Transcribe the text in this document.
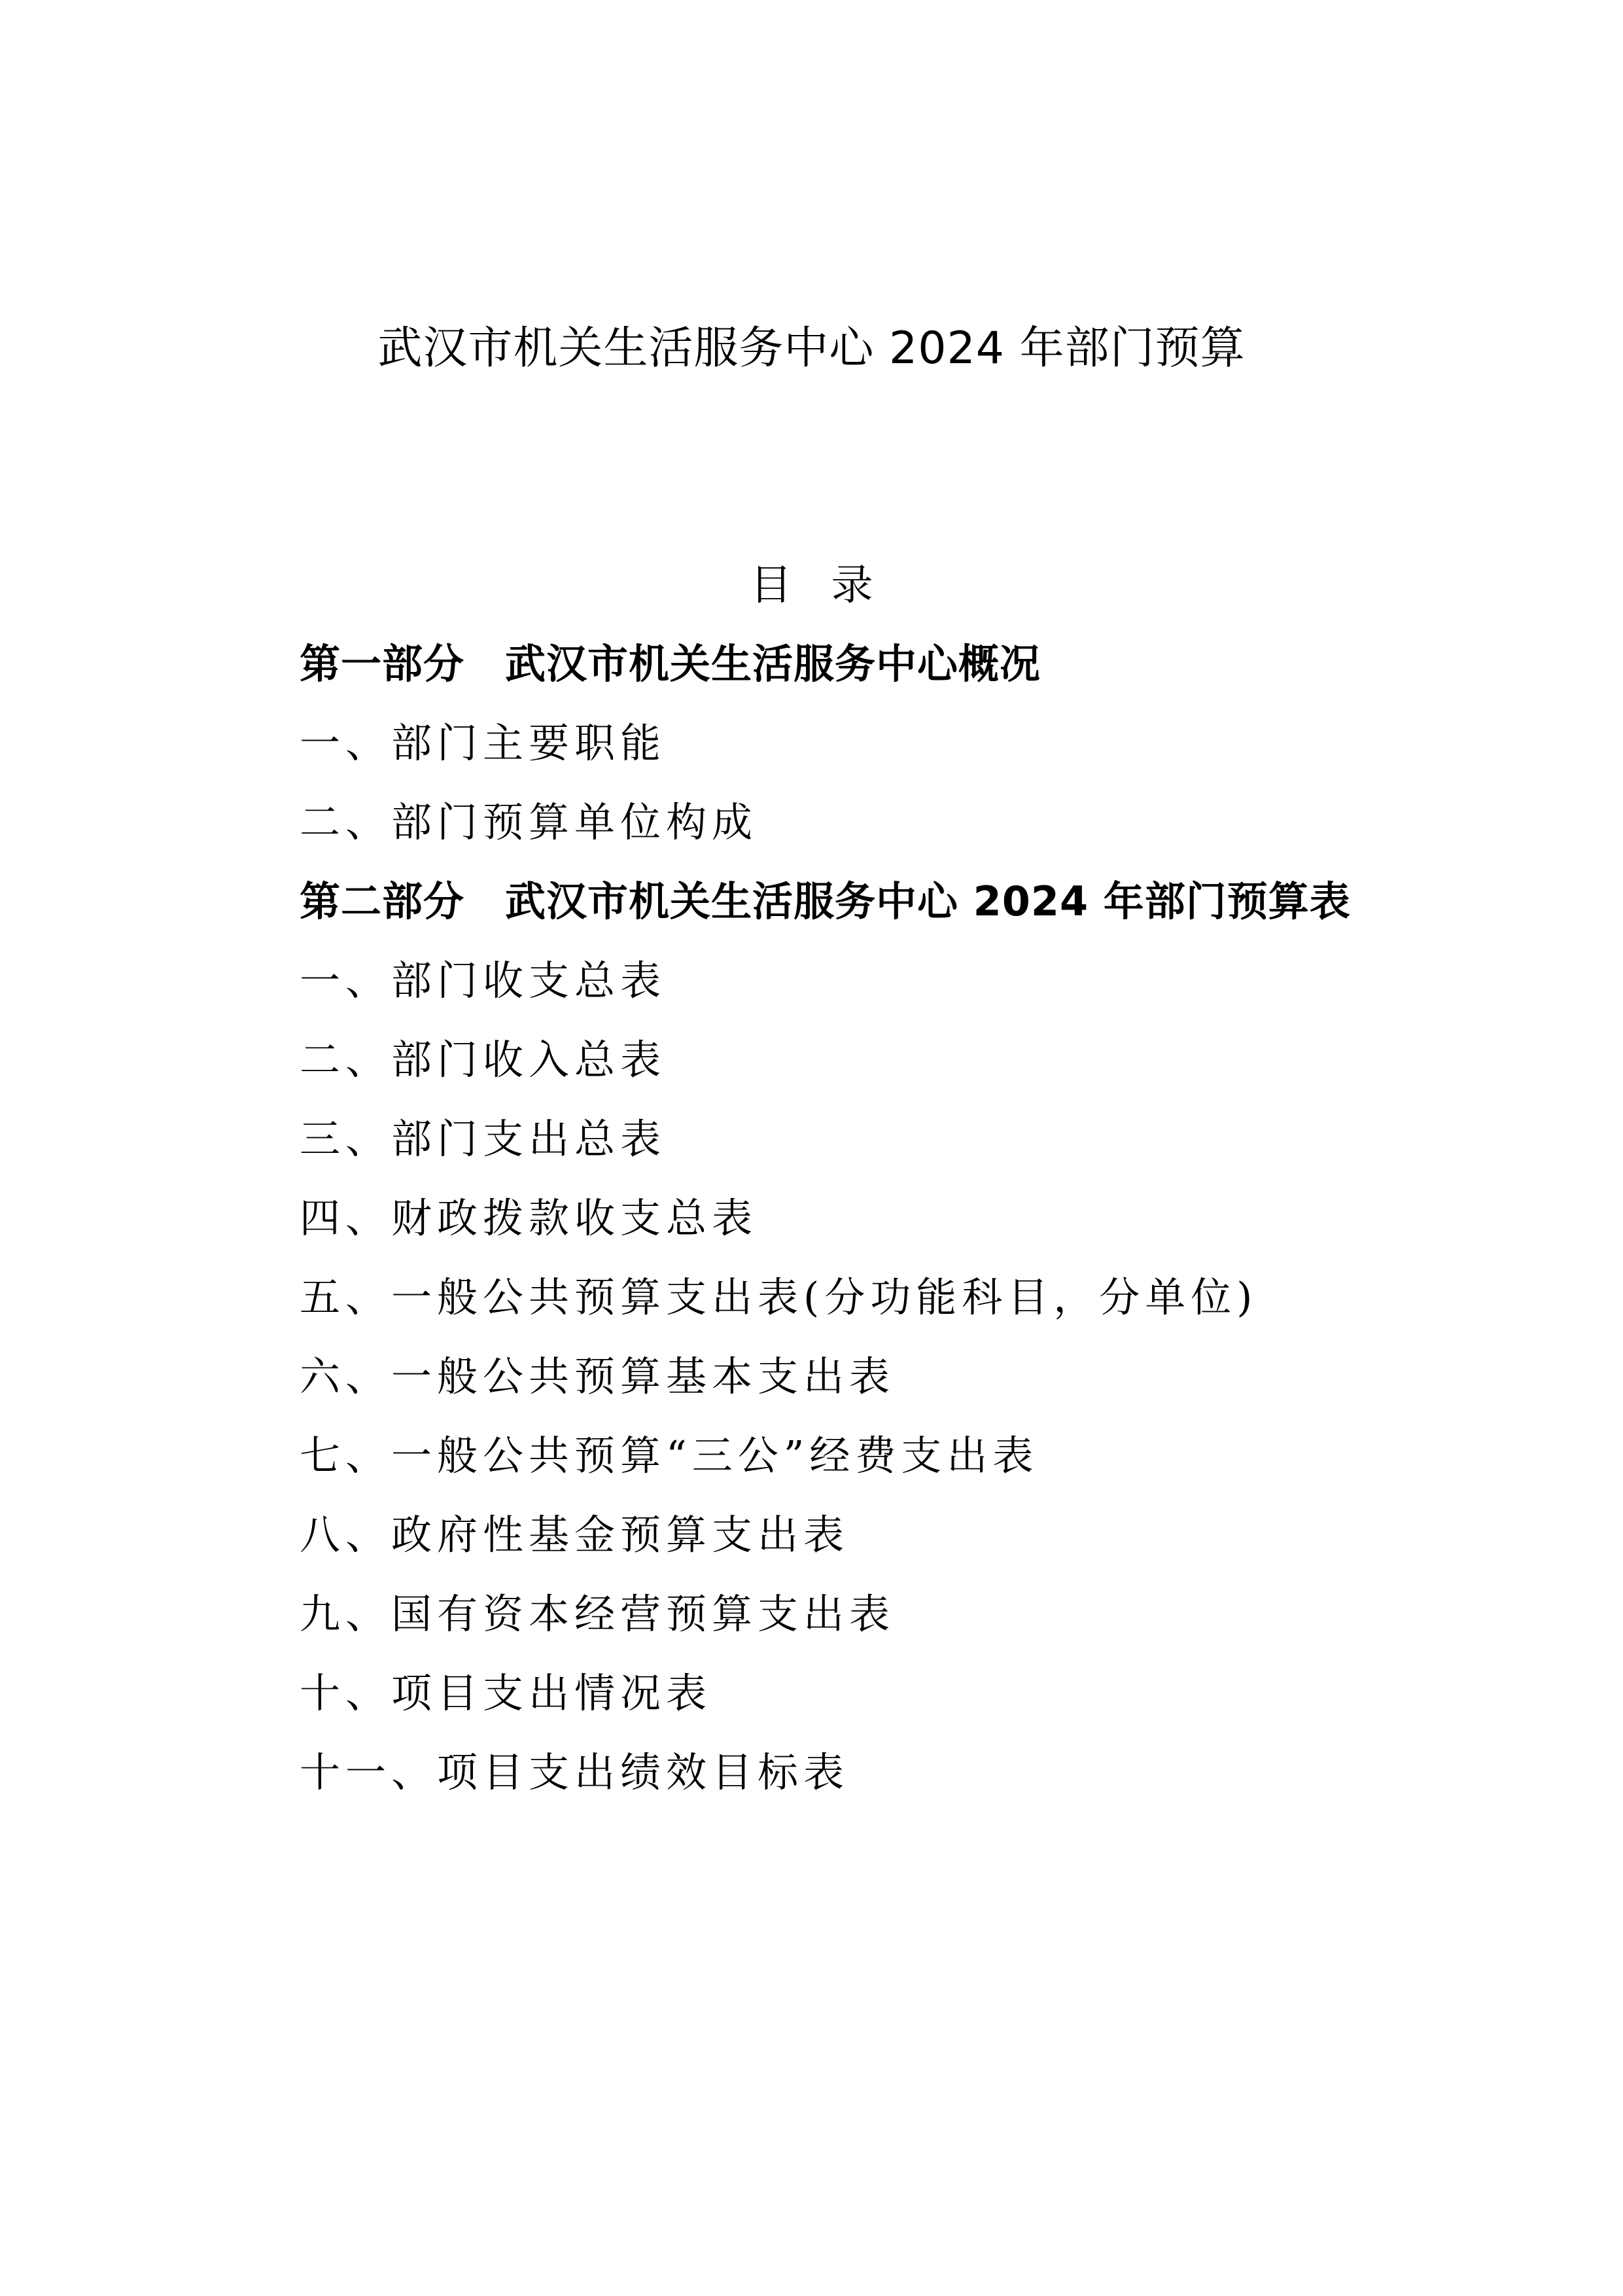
武汉市机关生活服务中心 2024 年部门预算
目录
第一部分 武汉市机关生活服务中心概况
一、部门主要职能
二、部门预算单位构成
第二部分 武汉市机关生活服务中心 2024 年部门预算表
一、部门收支总表
二、部门收入总表
三、部门支出总表
四、财政拨款收支总表
五、一般公共预算支出表(分功能科目，分单位)
六、一般公共预算基本支出表
七、一般公共预算“三公”经费支出表
八、政府性基金预算支出表
九、国有资本经营预算支出表
十、项目支出情况表
十一、项目支出绩效目标表
